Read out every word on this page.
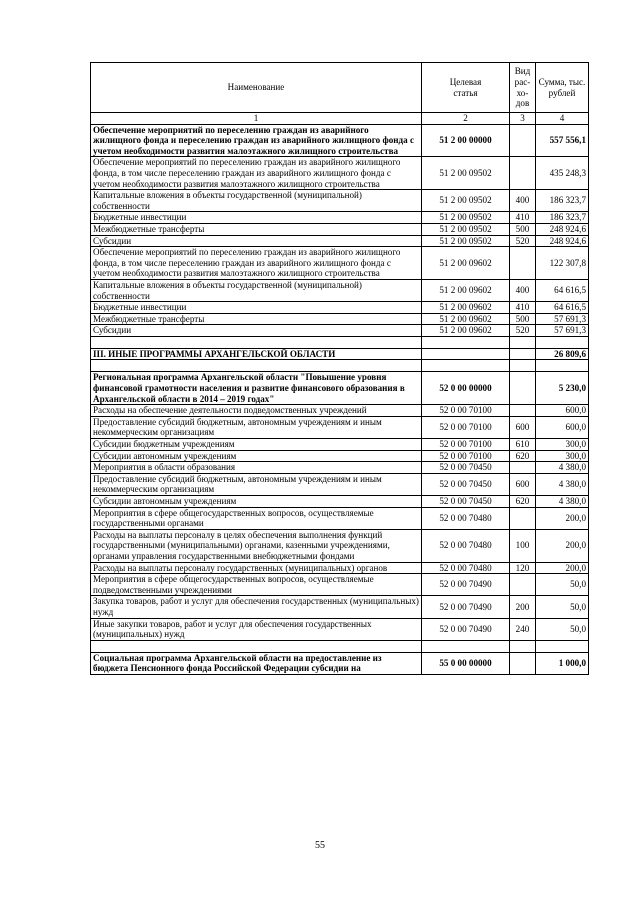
Наименование	Целевая статья	Вид рас-хо-дов	Сумма, тыс. рублей
1	2	3	4
Обеспечение мероприятий по переселению граждан из аварийного жилищного фонда и переселению граждан из аварийного жилищного фонда с учетом необходимости развития малоэтажного жилищного строительства	51 2 00 00000		557 556,1
Обеспечение мероприятий по переселению граждан из аварийного жилищного фонда, в том числе переселению граждан из аварийного жилищного фонда с учетом необходимости развития малоэтажного жилищного строительства	51 2 00 09502		435 248,3
Капитальные вложения в объекты государственной (муниципальной) собственности	51 2 00 09502	400	186 323,7
Бюджетные инвестиции	51 2 00 09502	410	186 323,7
Межбюджетные трансферты	51 2 00 09502	500	248 924,6
Субсидии	51 2 00 09502	520	248 924,6
Обеспечение мероприятий по переселению граждан из аварийного жилищного фонда, в том числе переселению граждан из аварийного жилищного фонда с учетом необходимости развития малоэтажного жилищного строительства	51 2 00 09602		122 307,8
Капитальные вложения в объекты государственной (муниципальной) собственности	51 2 00 09602	400	64 616,5
Бюджетные инвестиции	51 2 00 09602	410	64 616,5
Межбюджетные трансферты	51 2 00 09602	500	57 691,3
Субсидии	51 2 00 09602	520	57 691,3

III. ИНЫЕ ПРОГРАММЫ АРХАНГЕЛЬСКОЙ ОБЛАСТИ			26 809,6

Региональная программа Архангельской области "Повышение уровня финансовой грамотности населения и развитие финансового образования в Архангельской области в 2014 – 2019 годах"	52 0 00 00000		5 230,0
Расходы на обеспечение деятельности подведомственных учреждений	52 0 00 70100		600,0
Предоставление субсидий бюджетным, автономным учреждениям и иным некоммерческим организациям	52 0 00 70100	600	600,0
Субсидии бюджетным учреждениям	52 0 00 70100	610	300,0
Субсидии автономным учреждениям	52 0 00 70100	620	300,0
Мероприятия в области образования	52 0 00 70450		4 380,0
Предоставление субсидий бюджетным, автономным учреждениям и иным некоммерческим организациям	52 0 00 70450	600	4 380,0
Субсидии автономным учреждениям	52 0 00 70450	620	4 380,0
Мероприятия в сфере общегосударственных вопросов, осуществляемые государственными органами	52 0 00 70480		200,0
Расходы на выплаты персоналу в целях обеспечения выполнения функций государственными (муниципальными) органами, казенными учреждениями, органами управления государственными внебюджетными фондами	52 0 00 70480	100	200,0
Расходы на выплаты персоналу государственных (муниципальных) органов	52 0 00 70480	120	200,0
Мероприятия в сфере общегосударственных вопросов, осуществляемые подведомственными учреждениями	52 0 00 70490		50,0
Закупка товаров, работ и услуг для обеспечения государственных (муниципальных) нужд	52 0 00 70490	200	50,0
Иные закупки товаров, работ и услуг для обеспечения государственных (муниципальных) нужд	52 0 00 70490	240	50,0

Социальная программа Архангельской области на предоставление из бюджета Пенсионного фонда Российской Федерации субсидии на	55 0 00 00000		1 000,0
55
